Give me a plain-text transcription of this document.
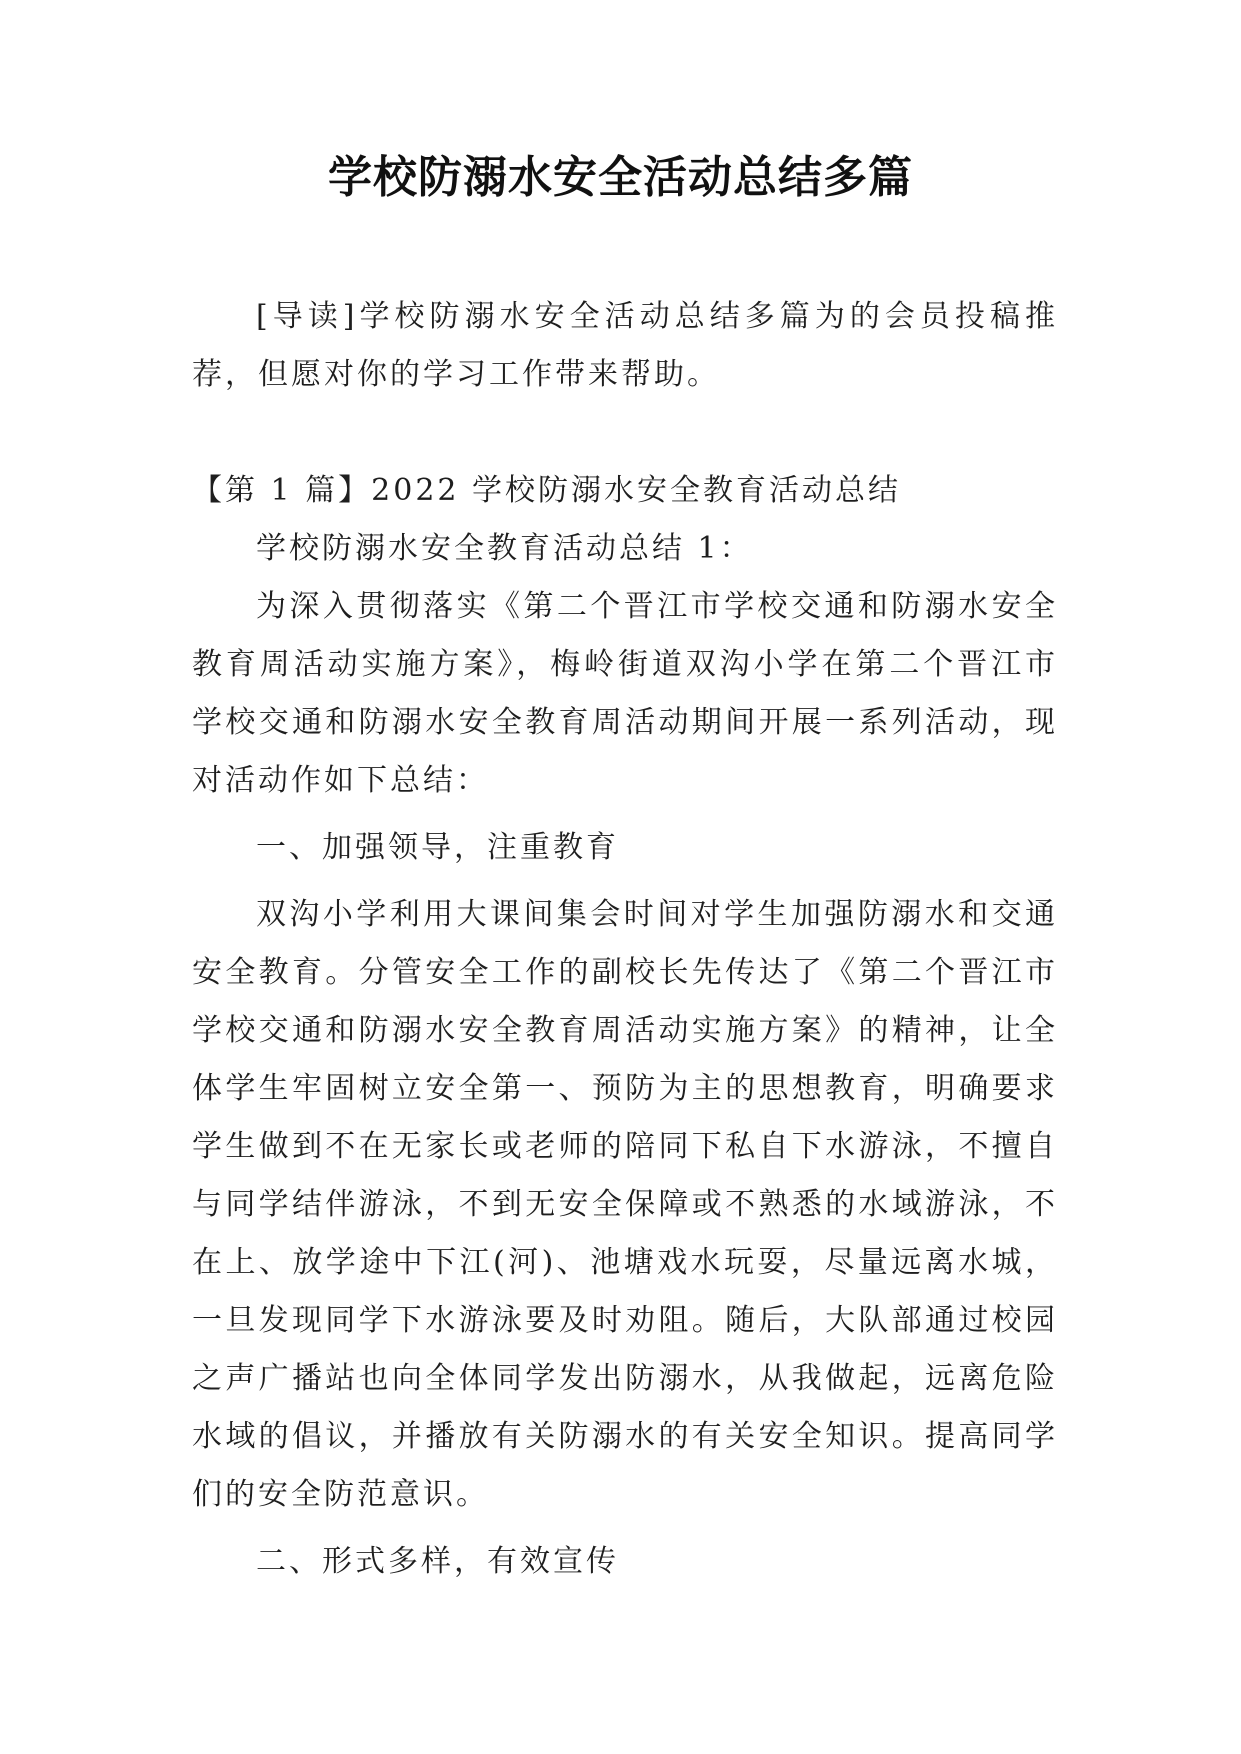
学校防溺水安全活动总结多篇

[导读]学校防溺水安全活动总结多篇为的会员投稿推荐，但愿对你的学习工作带来帮助。

【第 1 篇】2022 学校防溺水安全教育活动总结

学校防溺水安全教育活动总结 1：

为深入贯彻落实《第二个晋江市学校交通和防溺水安全教育周活动实施方案》，梅岭街道双沟小学在第二个晋江市学校交通和防溺水安全教育周活动期间开展一系列活动，现对活动作如下总结：

一、加强领导，注重教育

双沟小学利用大课间集会时间对学生加强防溺水和交通安全教育。分管安全工作的副校长先传达了《第二个晋江市学校交通和防溺水安全教育周活动实施方案》的精神，让全体学生牢固树立安全第一、预防为主的思想教育，明确要求学生做到不在无家长或老师的陪同下私自下水游泳，不擅自与同学结伴游泳，不到无安全保障或不熟悉的水域游泳，不在上、放学途中下江(河)、池塘戏水玩耍，尽量远离水城，一旦发现同学下水游泳要及时劝阻。随后，大队部通过校园之声广播站也向全体同学发出防溺水，从我做起，远离危险水域的倡议，并播放有关防溺水的有关安全知识。提高同学们的安全防范意识。

二、形式多样，有效宣传
